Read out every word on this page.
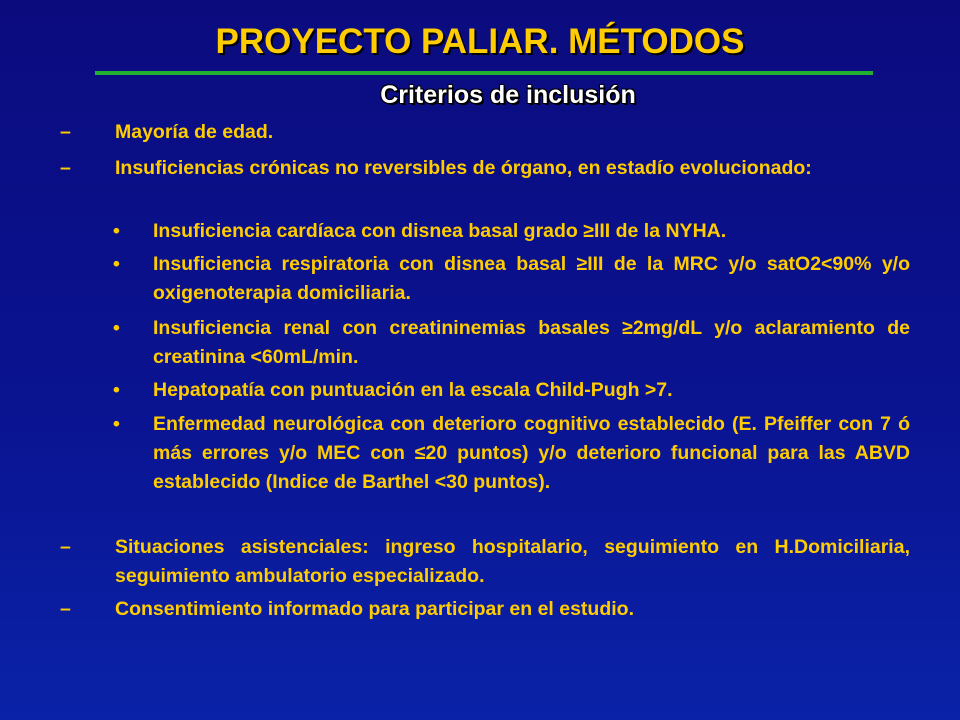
PROYECTO PALIAR. MÉTODOS
Criterios de inclusión
– Mayoría de edad.
– Insuficiencias crónicas no reversibles de órgano, en estadío evolucionado:
• Insuficiencia cardíaca con disnea basal grado ≥III de la NYHA.
• Insuficiencia respiratoria con disnea basal ≥III de la MRC y/o satO2<90% y/o oxigenoterapia domiciliaria.
• Insuficiencia renal con creatininemias basales ≥2mg/dL y/o aclaramiento de creatinina <60mL/min.
• Hepatopatía con puntuación en la escala Child-Pugh >7.
• Enfermedad neurológica con deterioro cognitivo establecido (E. Pfeiffer con 7 ó más errores y/o MEC con ≤20 puntos) y/o deterioro funcional para las ABVD establecido (Indice de Barthel <30 puntos).
– Situaciones asistenciales: ingreso hospitalario, seguimiento en H.Domiciliaria, seguimiento ambulatorio especializado.
– Consentimiento informado para participar en el estudio.
